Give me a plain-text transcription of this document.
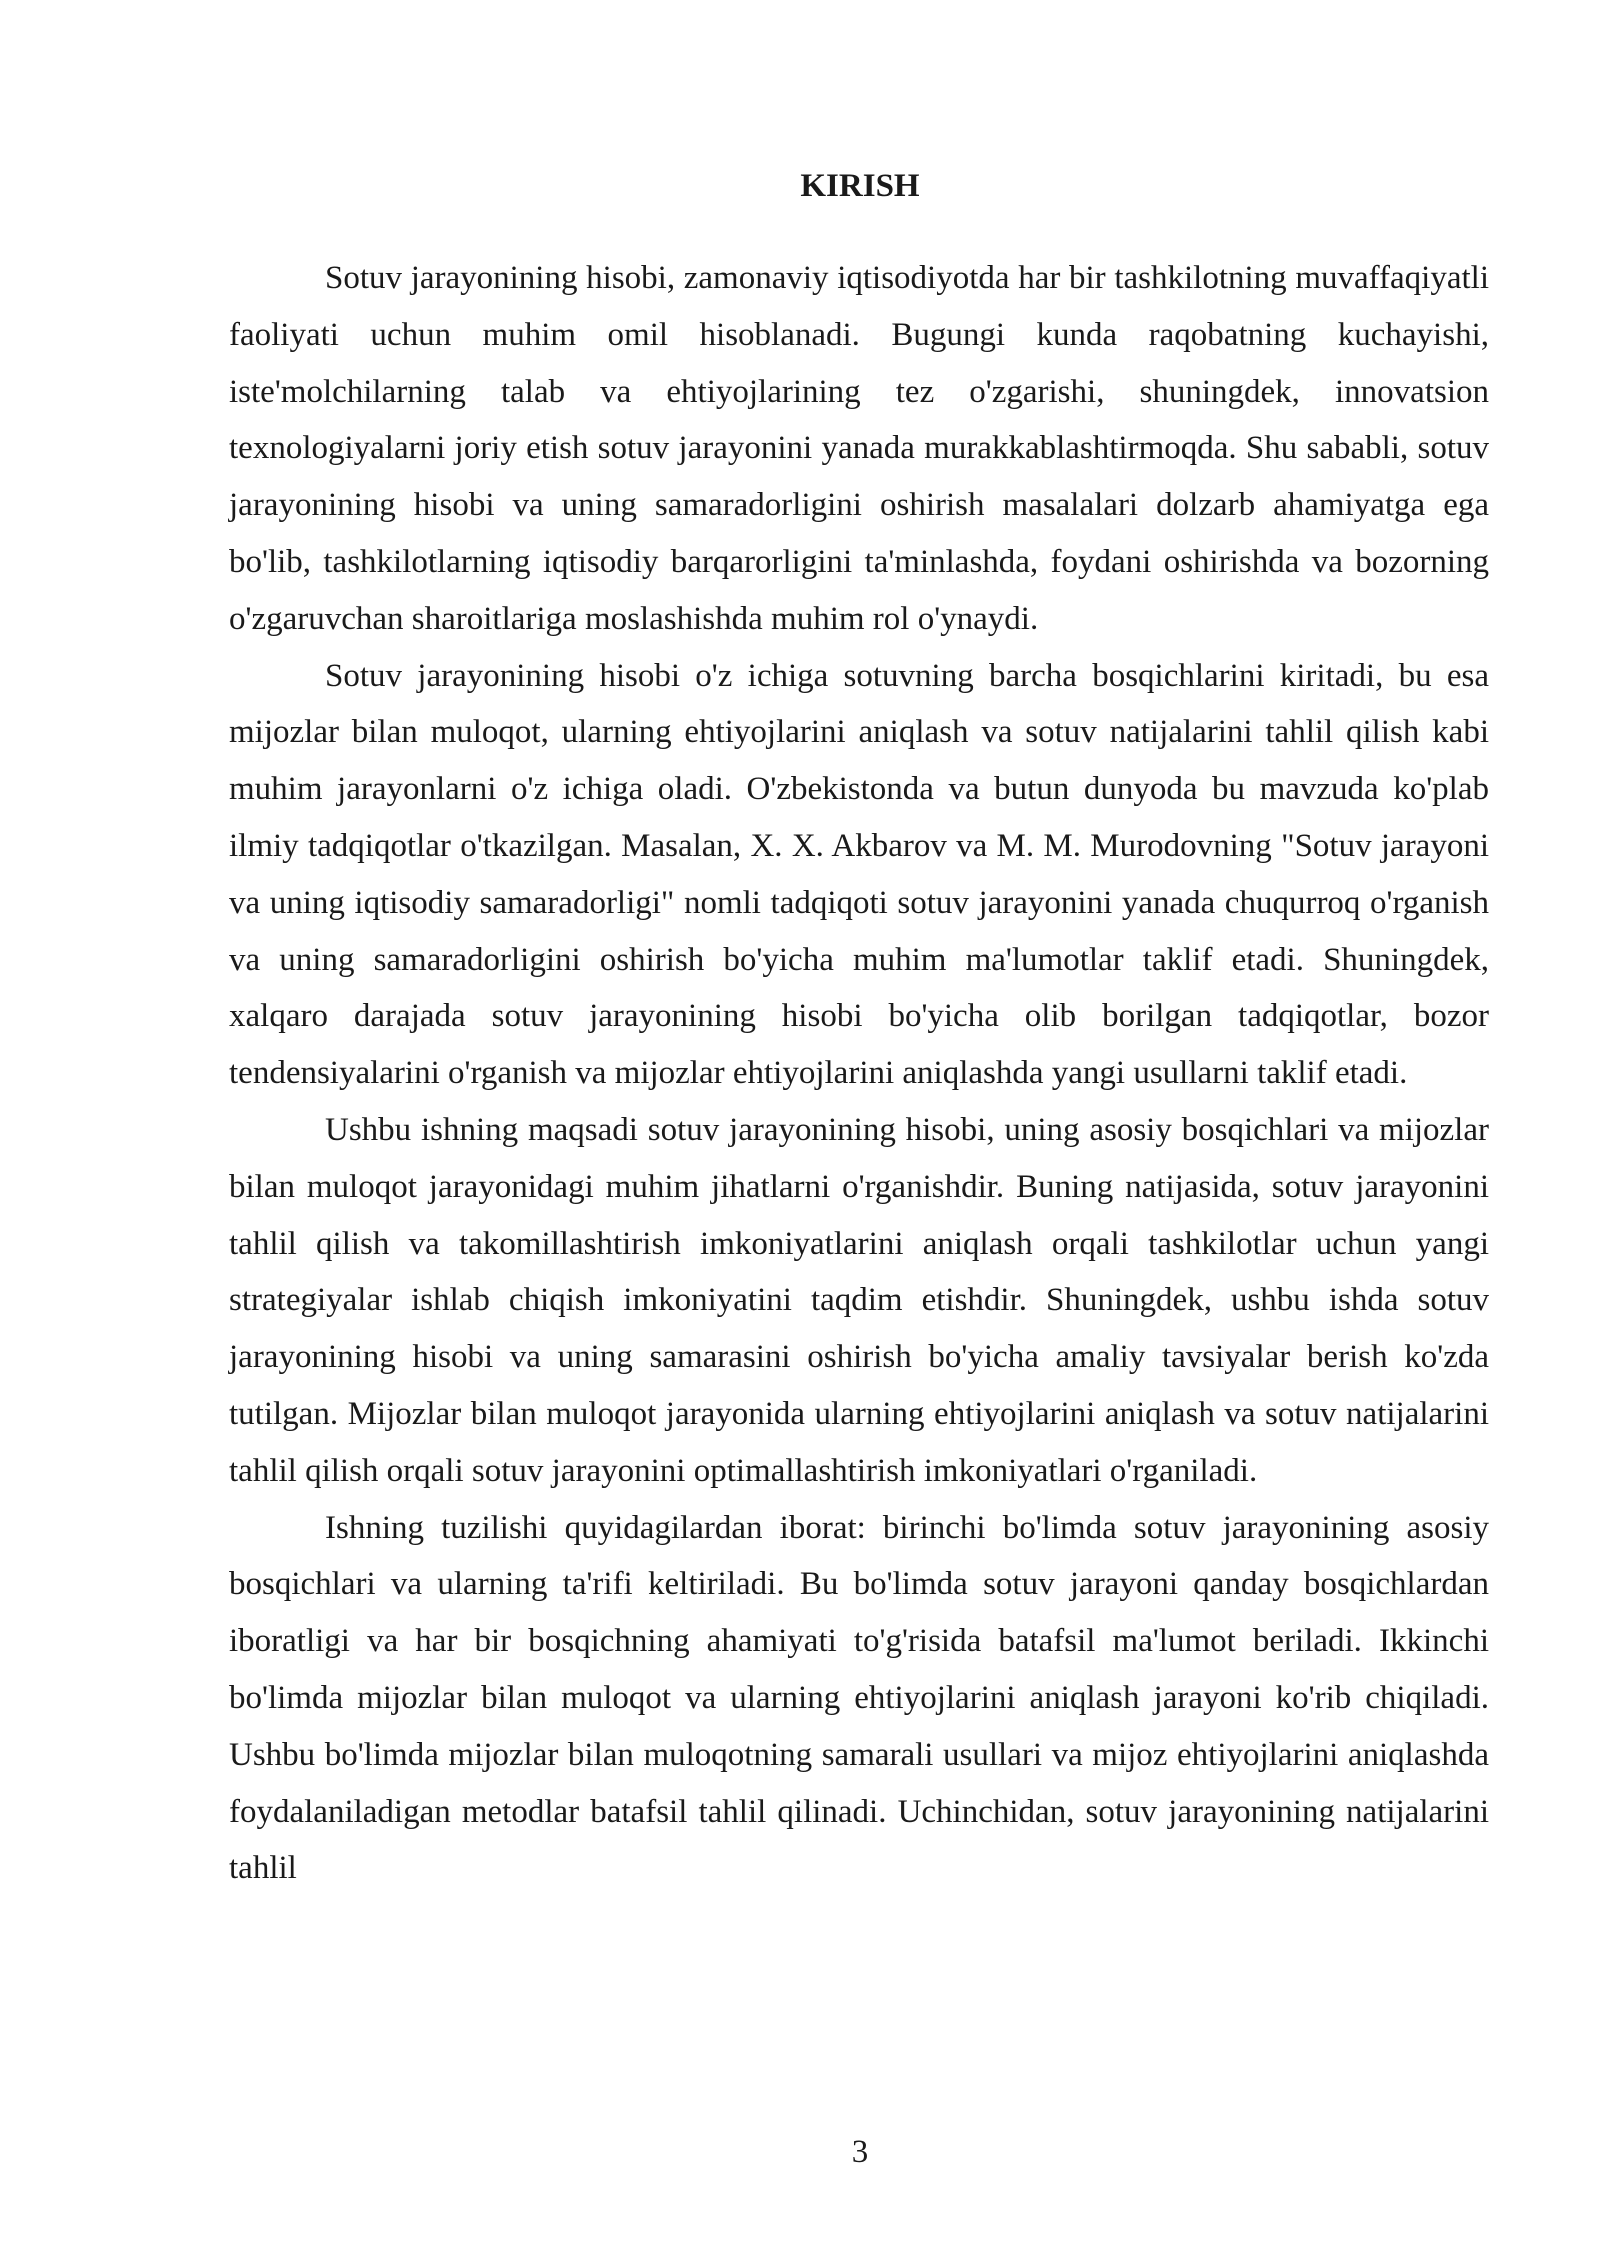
KIRISH

Sotuv jarayonining hisobi, zamonaviy iqtisodiyotda har bir tashkilotning muvaffaqiyatli faoliyati uchun muhim omil hisoblanadi. Bugungi kunda raqobatning kuchayishi, iste'molchilarning talab va ehtiyojlarining tez o'zgarishi, shuningdek, innovatsion texnologiyalarni joriy etish sotuv jarayonini yanada murakkablashtirmoqda. Shu sababli, sotuv jarayonining hisobi va uning samaradorligini oshirish masalalari dolzarb ahamiyatga ega bo'lib, tashkilotlarning iqtisodiy barqarorligini ta'minlashda, foydani oshirishda va bozorning o'zgaruvchan sharoitlariga moslashishda muhim rol o'ynaydi.

Sotuv jarayonining hisobi o'z ichiga sotuvning barcha bosqichlarini kiritadi, bu esa mijozlar bilan muloqot, ularning ehtiyojlarini aniqlash va sotuv natijalarini tahlil qilish kabi muhim jarayonlarni o'z ichiga oladi. O'zbekistonda va butun dunyoda bu mavzuda ko'plab ilmiy tadqiqotlar o'tkazilgan. Masalan, X. X. Akbarov va M. M. Murodovning "Sotuv jarayoni va uning iqtisodiy samaradorligi" nomli tadqiqoti sotuv jarayonini yanada chuqurroq o'rganish va uning samaradorligini oshirish bo'yicha muhim ma'lumotlar taklif etadi. Shuningdek, xalqaro darajada sotuv jarayonining hisobi bo'yicha olib borilgan tadqiqotlar, bozor tendensiyalarini o'rganish va mijozlar ehtiyojlarini aniqlashda yangi usullarni taklif etadi.

Ushbu ishning maqsadi sotuv jarayonining hisobi, uning asosiy bosqichlari va mijozlar bilan muloqot jarayonidagi muhim jihatlarni o'rganishdir. Buning natijasida, sotuv jarayonini tahlil qilish va takomillashtirish imkoniyatlarini aniqlash orqali tashkilotlar uchun yangi strategiyalar ishlab chiqish imkoniyatini taqdim etishdir. Shuningdek, ushbu ishda sotuv jarayonining hisobi va uning samarasini oshirish bo'yicha amaliy tavsiyalar berish ko'zda tutilgan. Mijozlar bilan muloqot jarayonida ularning ehtiyojlarini aniqlash va sotuv natijalarini tahlil qilish orqali sotuv jarayonini optimallashtirish imkoniyatlari o'rganiladi.

Ishning tuzilishi quyidagilardan iborat: birinchi bo'limda sotuv jarayonining asosiy bosqichlari va ularning ta'rifi keltiriladi. Bu bo'limda sotuv jarayoni qanday bosqichlardan iboratligi va har bir bosqichning ahamiyati to'g'risida batafsil ma'lumot beriladi. Ikkinchi bo'limda mijozlar bilan muloqot va ularning ehtiyojlarini aniqlash jarayoni ko'rib chiqiladi. Ushbu bo'limda mijozlar bilan muloqotning samarali usullari va mijoz ehtiyojlarini aniqlashda foydalaniladigan metodlar batafsil tahlil qilinadi. Uchinchidan, sotuv jarayonining natijalarini tahlil

3
